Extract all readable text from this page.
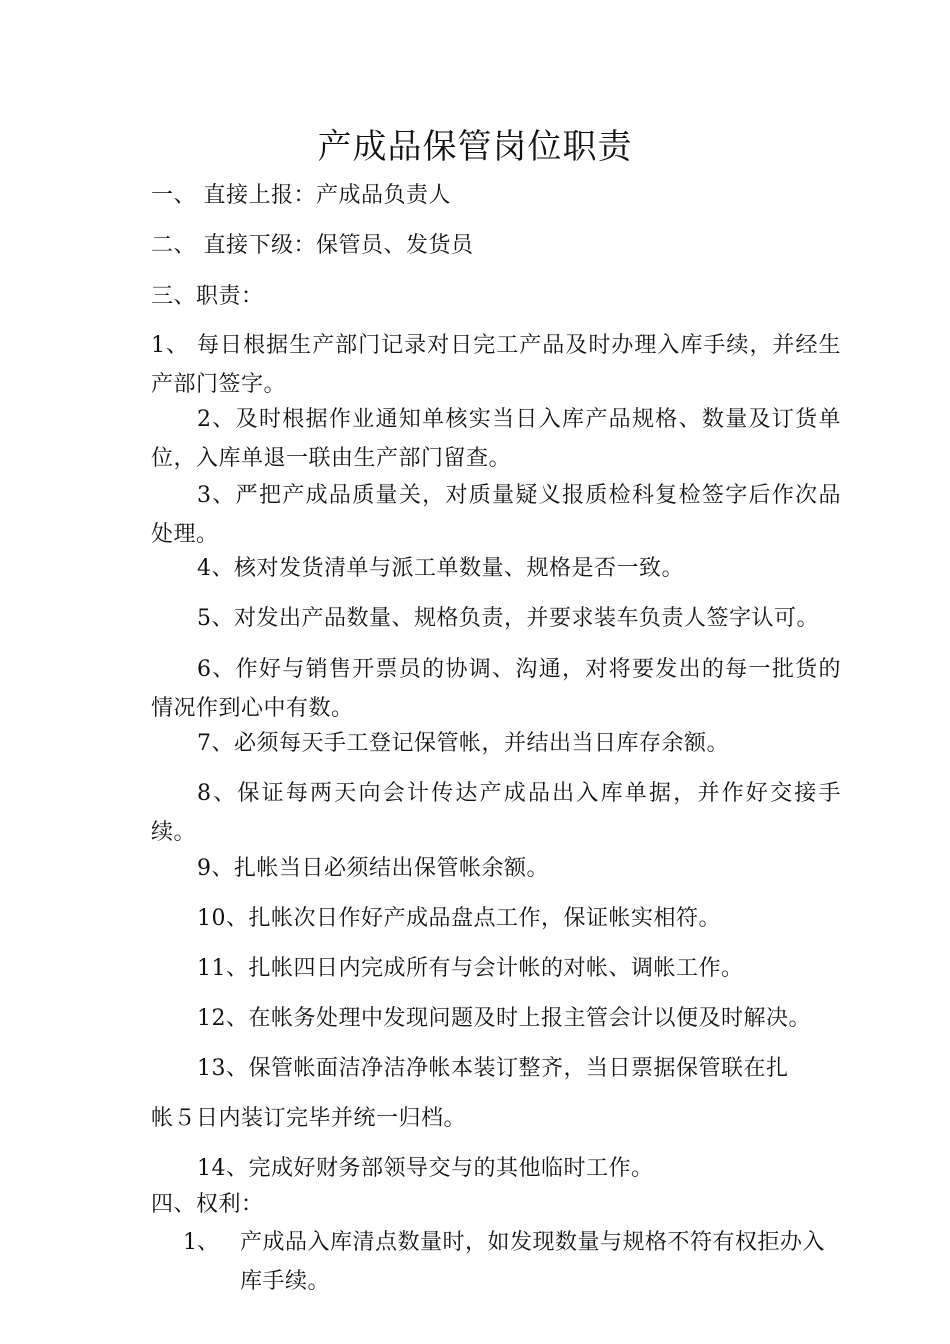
产成品保管岗位职责
一、 直接上报：产成品负责人
二、 直接下级：保管员、发货员
三、职责：
1、 每日根据生产部门记录对日完工产品及时办理入库手续，并经生产部门签字。
2、及时根据作业通知单核实当日入库产品规格、数量及订货单位，入库单退一联由生产部门留查。
3、严把产成品质量关，对质量疑义报质检科复检签字后作次品处理。
4、核对发货清单与派工单数量、规格是否一致。
5、对发出产品数量、规格负责，并要求装车负责人签字认可。
6、作好与销售开票员的协调、沟通，对将要发出的每一批货的情况作到心中有数。
7、必须每天手工登记保管帐，并结出当日库存余额。
8、保证每两天向会计传达产成品出入库单据，并作好交接手续。
9、扎帐当日必须结出保管帐余额。
10、扎帐次日作好产成品盘点工作，保证帐实相符。
11、扎帐四日内完成所有与会计帐的对帐、调帐工作。
12、在帐务处理中发现问题及时上报主管会计以便及时解决。
13、保管帐面洁净洁净帐本装订整齐，当日票据保管联在扎
帐５日内装订完毕并统一归档。
14、完成好财务部领导交与的其他临时工作。
四、权利：
1、 产成品入库清点数量时，如发现数量与规格不符有权拒办入库手续。
